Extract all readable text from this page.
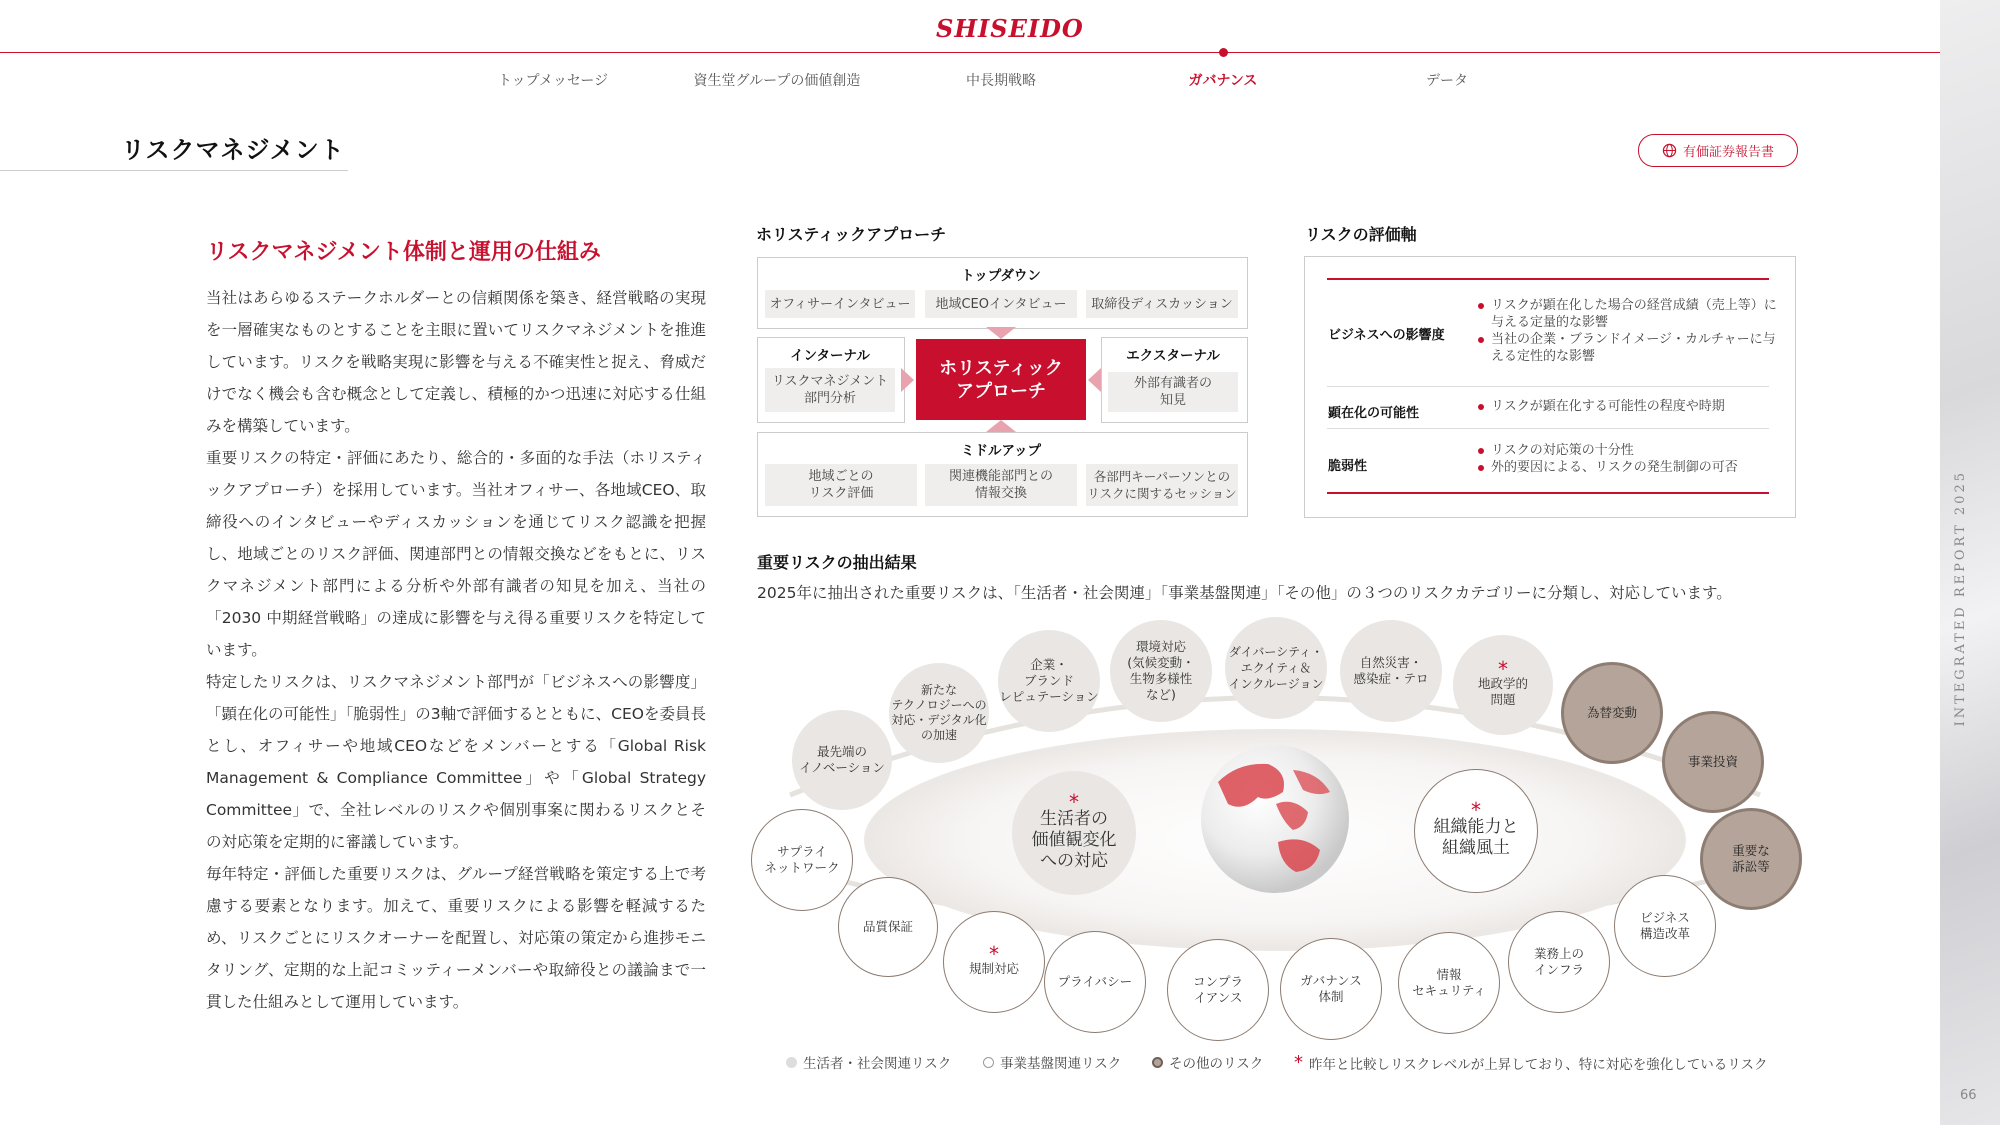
SHISEIDO
トップメッセージ	資生堂グループの価値創造	中長期戦略	ガバナンス	データ
リスクマネジメント	有価証券報告書
INTEGRATED REPORT 2025
66
リスクマネジメント体制と運用の仕組み

当社はあらゆるステークホルダーとの信頼関係を築き、経営戦略の実現を一層確実なものとすることを主眼に置いてリスクマネジメントを推進しています。リスクを戦略実現に影響を与える不確実性と捉え、脅威だけでなく機会も含む概念として定義し、積極的かつ迅速に対応する仕組みを構築しています。

重要リスクの特定・評価にあたり、総合的・多面的な手法（ホリスティックアプローチ）を採用しています。当社オフィサー、各地域CEO、取締役へのインタビューやディスカッションを通じてリスク認識を把握し、地域ごとのリスク評価、関連部門との情報交換などをもとに、リスクマネジメント部門による分析や外部有識者の知見を加え、当社の「2030 中期経営戦略」の達成に影響を与え得る重要リスクを特定しています。

特定したリスクは、リスクマネジメント部門が「ビジネスへの影響度」「顕在化の可能性」「脆弱性」の3軸で評価するとともに、CEOを委員長とし、オフィサーや地域CEOなどをメンバーとする「Global Risk Management & Compliance Committee」や「Global Strategy Committee」で、全社レベルのリスクや個別事案に関わるリスクとその対応策を定期的に審議しています。

毎年特定・評価した重要リスクは、グループ経営戦略を策定する上で考慮する要素となります。加えて、重要リスクによる影響を軽減するため、リスクごとにリスクオーナーを配置し、対応策の策定から進捗モニタリング、定期的な上記コミッティーメンバーや取締役との議論まで一貫した仕組みとして運用しています。

ホリスティックアプローチ
トップダウン
オフィサーインタビュー	地域CEOインタビュー	取締役ディスカッション
インターナル
リスクマネジメント
部門分析
ホリスティック
アプローチ
エクスターナル
外部有識者の
知見
ミドルアップ
地域ごとの
リスク評価
関連機能部門との
情報交換
各部門キーパーソンとの
リスクに関するセッション
リスクの評価軸
ビジネスへの影響度
リスクが顕在化した場合の経営成績（売上等）に与える定量的な影響
当社の企業・ブランドイメージ・カルチャーに与える定性的な影響
顕在化の可能性	リスクが顕在化する可能性の程度や時期
脆弱性
リスクの対応策の十分性
外的要因による、リスクの発生制御の可否
重要リスクの抽出結果
2025年に抽出された重要リスクは、「生活者・社会関連」「事業基盤関連」「その他」の３つのリスクカテゴリーに分類し、対応しています。
最先端の
イノベーション
新たな
テクノロジーへの
対応・デジタル化
の加速
企業・
ブランド
レピュテーション
環境対応
(気候変動・
生物多様性
など)
ダイバーシティ・
エクイティ＆
インクルージョン
自然災害・
感染症・テロ	*
地政学的
問題
為替変動
事業投資
重要な
訴訟等
サプライ
ネットワーク
品質保証
*
規制対応
プライバシー	コンプラ
イアンス
ガバナンス
体制
情報
セキュリティ
業務上の
インフラ
ビジネス
構造改革
*
生活者の
価値観変化
への対応
*
組織能力と
組織風土
生活者・社会関連リスク	事業基盤関連リスク	その他のリスク * 昨年と比較しリスクレベルが上昇しており、特に対応を強化しているリスク
